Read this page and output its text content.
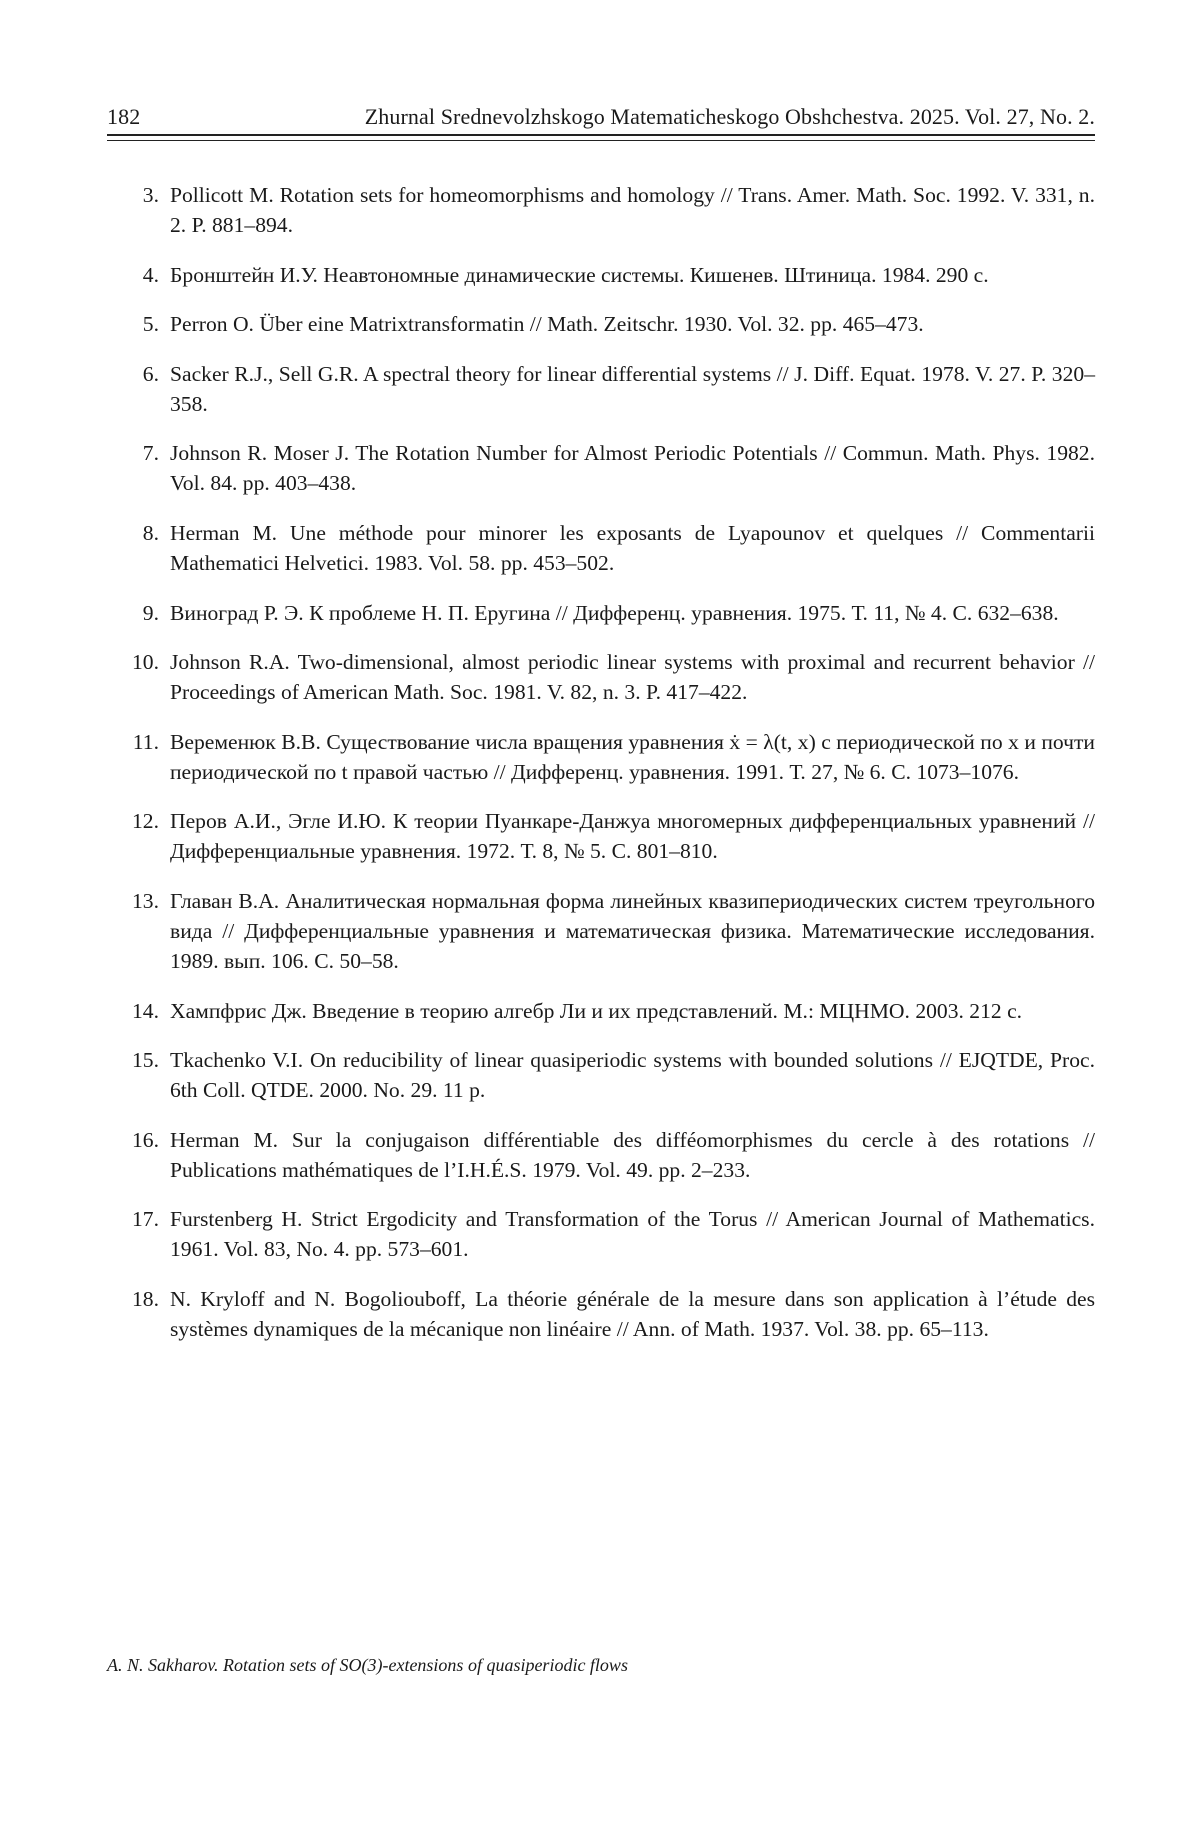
182	Zhurnal Srednevolzhskogo Matematicheskogo Obshchestva. 2025. Vol. 27, No. 2.
3. Pollicott M. Rotation sets for homeomorphisms and homology // Trans. Amer. Math. Soc. 1992. V. 331, n. 2. P. 881–894.
4. Бронштейн И.У. Неавтономные динамические системы. Кишенев. Штиница. 1984. 290 с.
5. Perron O. Über eine Matrixtransformatin // Math. Zeitschr. 1930. Vol. 32. pp. 465–473.
6. Sacker R.J., Sell G.R. A spectral theory for linear differential systems // J. Diff. Equat. 1978. V. 27. P. 320–358.
7. Johnson R. Moser J. The Rotation Number for Almost Periodic Potentials // Commun. Math. Phys. 1982. Vol. 84. pp. 403–438.
8. Herman M. Une méthode pour minorer les exposants de Lyapounov et quelques // Commentarii Mathematici Helvetici. 1983. Vol. 58. pp. 453–502.
9. Виноград Р. Э. К проблеме Н. П. Еругина // Дифференц. уравнения. 1975. Т. 11, № 4. С. 632–638.
10. Johnson R.A. Two-dimensional, almost periodic linear systems with proximal and recurrent behavior // Proceedings of American Math. Soc. 1981. V. 82, n. 3. P. 417–422.
11. Веременюк В.В. Существование числа вращения уравнения ẋ = λ(t, x) с периодической по x и почти периодической по t правой частью // Дифференц. уравнения. 1991. Т. 27, № 6. С. 1073–1076.
12. Перов А.И., Эгле И.Ю. К теории Пуанкаре-Данжуа многомерных дифференциальных уравнений // Дифференциальные уравнения. 1972. Т. 8, № 5. С. 801–810.
13. Главан В.А. Аналитическая нормальная форма линейных квазипериодических систем треугольного вида // Дифференциальные уравнения и математическая физика. Математические исследования. 1989. вып. 106. С. 50–58.
14. Хампфрис Дж. Введение в теорию алгебр Ли и их представлений. М.: МЦНМО. 2003. 212 с.
15. Tkachenko V.I. On reducibility of linear quasiperiodic systems with bounded solutions // EJQTDE, Proc. 6th Coll. QTDE. 2000. No. 29. 11 p.
16. Herman M. Sur la conjugaison différentiable des difféomorphismes du cercle à des rotations // Publications mathématiques de l’I.H.É.S. 1979. Vol. 49. pp. 2–233.
17. Furstenberg H. Strict Ergodicity and Transformation of the Torus // American Journal of Mathematics. 1961. Vol. 83, No. 4. pp. 573–601.
18. N. Kryloff and N. Bogoliouboff, La théorie générale de la mesure dans son application à l’étude des systèmes dynamiques de la mécanique non linéaire // Ann. of Math. 1937. Vol. 38. pp. 65–113.
A. N. Sakharov. Rotation sets of SO(3)-extensions of quasiperiodic flows
